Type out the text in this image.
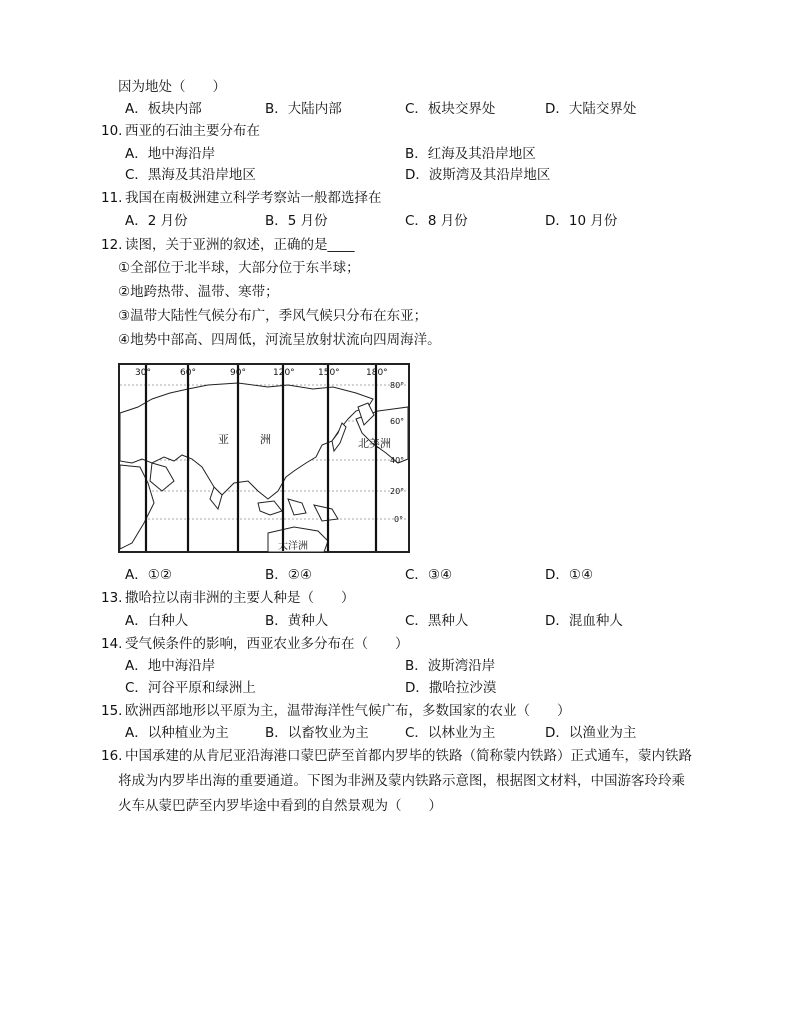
因为地处（　　）
A．板块内部	B．大陆内部	C．板块交界处	D．大陆交界处
10. 西亚的石油主要分布在
A．地中海沿岸	B．红海及其沿岸地区
C．黑海及其沿岸地区	D．波斯湾及其沿岸地区
11. 我国在南极洲建立科学考察站一般都选择在
A．2 月份	B．5 月份	C．8 月份	D．10 月份
12. 读图，关于亚洲的叙述，正确的是____
①全部位于北半球，大部分位于东半球；
②地跨热带、温带、寒带；
③温带大陆性气候分布广，季风气候只分布在东亚；
④地势中部高、四周低，河流呈放射状流向四周海洋。
30°	60°	90°	120°	150°	180°
80°
60°
40°
20°
0°
亚	洲	北美洲
大洋洲
A．①②	B．②④	C．③④	D．①④
13. 撒哈拉以南非洲的主要人种是（　　）
A．白种人	B．黄种人	C．黑种人	D．混血种人
14. 受气候条件的影响，西亚农业多分布在（　　）
A．地中海沿岸	B．波斯湾沿岸
C．河谷平原和绿洲上	D．撒哈拉沙漠
15. 欧洲西部地形以平原为主，温带海洋性气候广布，多数国家的农业（　　）
A．以种植业为主	B．以畜牧业为主	C．以林业为主	D．以渔业为主
16. 中国承建的从肯尼亚沿海港口蒙巴萨至首都内罗毕的铁路（简称蒙内铁路）正式通车，蒙内铁路
将成为内罗毕出海的重要通道。下图为非洲及蒙内铁路示意图，根据图文材料，中国游客玲玲乘
火车从蒙巴萨至内罗毕途中看到的自然景观为（　　）
